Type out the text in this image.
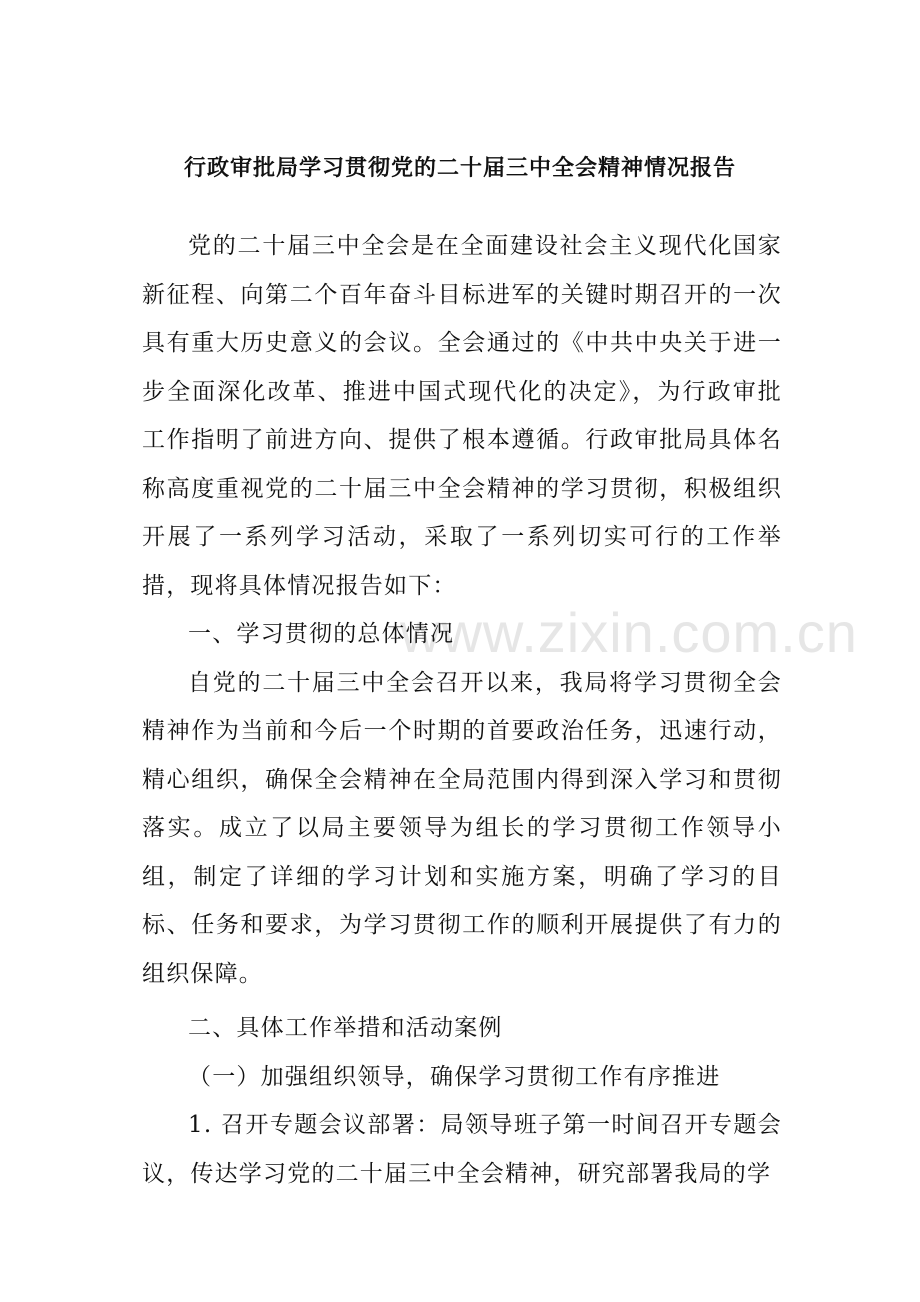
行政审批局学习贯彻党的二十届三中全会精神情况报告
www.zixin.com.cn

党的二十届三中全会是在全面建设社会主义现代化国家新征程、向第二个百年奋斗目标进军的关键时期召开的一次具有重大历史意义的会议。全会通过的《中共中央关于进一步全面深化改革、推进中国式现代化的决定》，为行政审批工作指明了前进方向、提供了根本遵循。行政审批局具体名称高度重视党的二十届三中全会精神的学习贯彻，积极组织开展了一系列学习活动，采取了一系列切实可行的工作举措，现将具体情况报告如下：

一、学习贯彻的总体情况

自党的二十届三中全会召开以来，我局将学习贯彻全会精神作为当前和今后一个时期的首要政治任务，迅速行动，精心组织，确保全会精神在全局范围内得到深入学习和贯彻落实。成立了以局主要领导为组长的学习贯彻工作领导小组，制定了详细的学习计划和实施方案，明确了学习的目标、任务和要求，为学习贯彻工作的顺利开展提供了有力的组织保障。

二、具体工作举措和活动案例

（一）加强组织领导，确保学习贯彻工作有序推进

1. 召开专题会议部署：局领导班子第一时间召开专题会议，传达学习党的二十届三中全会精神，研究部署我局的学
